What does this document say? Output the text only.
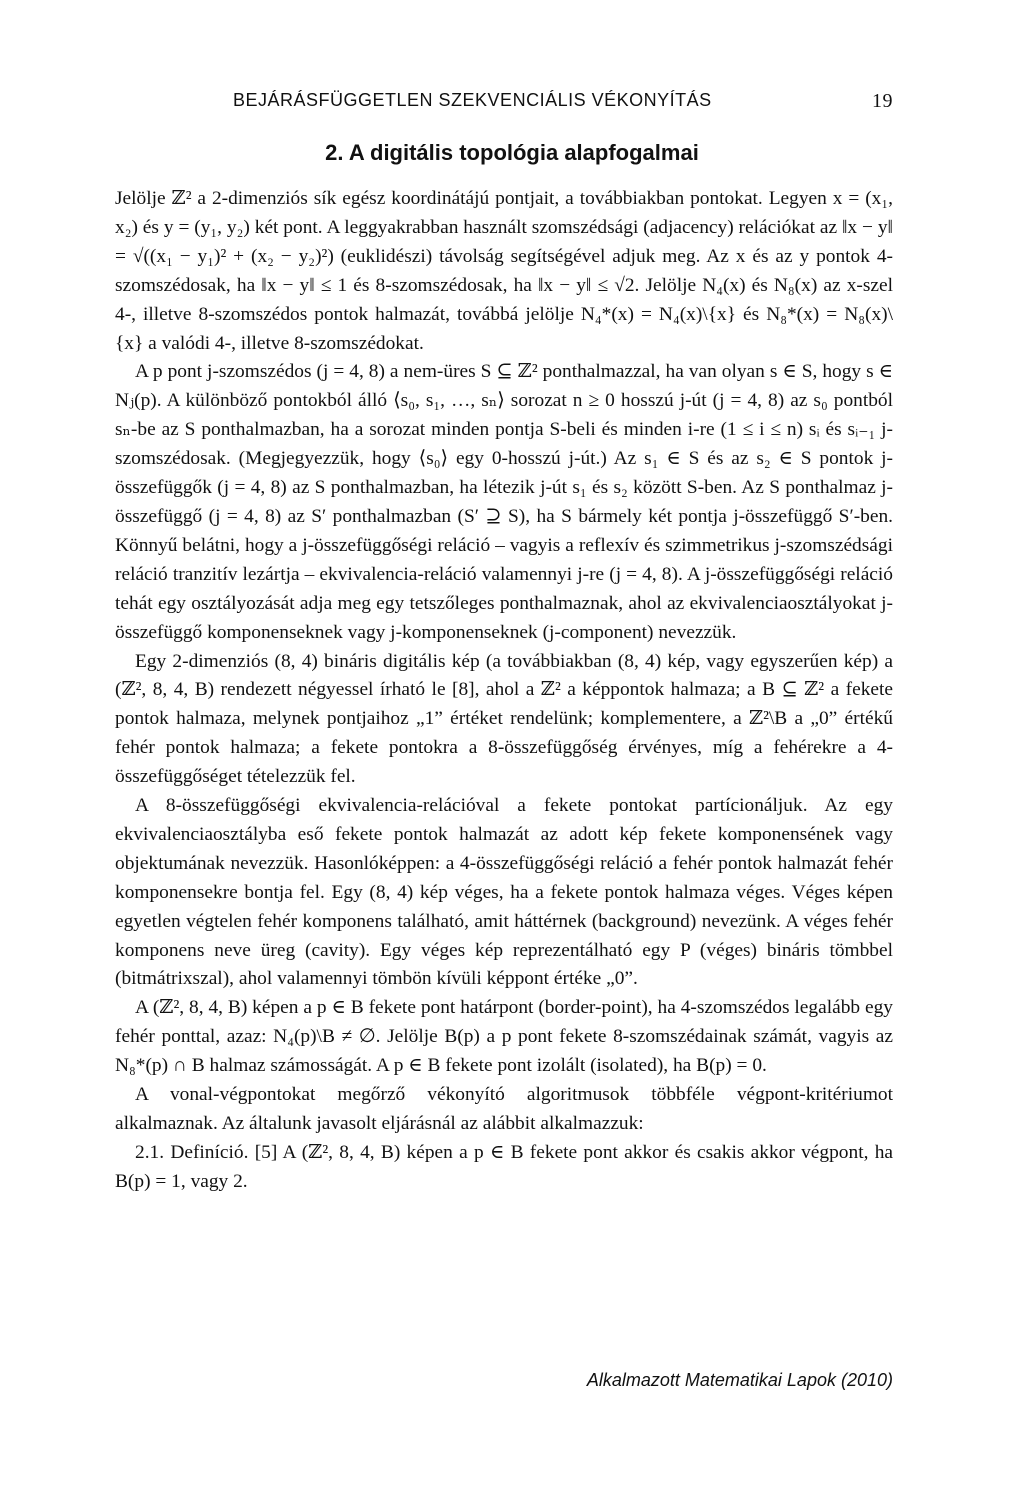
BEJÁRÁSFÜGGETLEN SZEKVENCIÁLIS VÉKONYÍTÁS	19
2. A digitális topológia alapfogalmai

Jelölje ℤ² a 2-dimenziós sík egész koordinátájú pontjait, a továbbiakban pontokat. Legyen x = (x₁, x₂) és y = (y₁, y₂) két pont. A leggyakrabban használt szomszédsági (adjacency) relációkat az ‖x − y‖ = √((x₁ − y₁)² + (x₂ − y₂)²) (euklidészi) távolság segítségével adjuk meg. Az x és az y pontok 4-szomszédosak, ha ‖x − y‖ ≤ 1 és 8-szomszédosak, ha ‖x − y‖ ≤ √2. Jelölje N₄(x) és N₈(x) az x-szel 4-, illetve 8-szomszédos pontok halmazát, továbbá jelölje N₄*(x) = N₄(x)\{x} és N₈*(x) = N₈(x)\{x} a valódi 4-, illetve 8-szomszédokat.

A p pont j-szomszédos (j = 4, 8) a nem-üres S ⊆ ℤ² ponthalmazzal, ha van olyan s ∈ S, hogy s ∈ Nⱼ(p). A különböző pontokból álló ⟨s₀, s₁, …, sₙ⟩ sorozat n ≥ 0 hosszú j-út (j = 4, 8) az s₀ pontból sₙ-be az S ponthalmazban, ha a sorozat minden pontja S-beli és minden i-re (1 ≤ i ≤ n) sᵢ és sᵢ₋₁ j-szomszédosak. (Megjegyezzük, hogy ⟨s₀⟩ egy 0-hosszú j-út.) Az s₁ ∈ S és az s₂ ∈ S pontok j-összefüggők (j = 4, 8) az S ponthalmazban, ha létezik j-út s₁ és s₂ között S-ben. Az S ponthalmaz j-összefüggő (j = 4, 8) az S′ ponthalmazban (S′ ⊇ S), ha S bármely két pontja j-összefüggő S′-ben. Könnyű belátni, hogy a j-összefüggőségi reláció – vagyis a reflexív és szimmetrikus j-szomszédsági reláció tranzitív lezártja – ekvivalencia-reláció valamennyi j-re (j = 4, 8). A j-összefüggőségi reláció tehát egy osztályozását adja meg egy tetszőleges ponthalmaznak, ahol az ekvivalenciaosztályokat j-összefüggő komponenseknek vagy j-komponenseknek (j-component) nevezzük.

Egy 2-dimenziós (8, 4) bináris digitális kép (a továbbiakban (8, 4) kép, vagy egyszerűen kép) a (ℤ², 8, 4, B) rendezett négyessel írható le [8], ahol a ℤ² a képpontok halmaza; a B ⊆ ℤ² a fekete pontok halmaza, melynek pontjaihoz „1” értéket rendelünk; komplementere, a ℤ²\B a „0” értékű fehér pontok halmaza; a fekete pontokra a 8-összefüggőség érvényes, míg a fehérekre a 4-összefüggőséget tételezzük fel.

A 8-összefüggőségi ekvivalencia-relációval a fekete pontokat partícionáljuk. Az egy ekvivalenciaosztályba eső fekete pontok halmazát az adott kép fekete komponensének vagy objektumának nevezzük. Hasonlóképpen: a 4-összefüggőségi reláció a fehér pontok halmazát fehér komponensekre bontja fel. Egy (8, 4) kép véges, ha a fekete pontok halmaza véges. Véges képen egyetlen végtelen fehér komponens található, amit háttérnek (background) nevezünk. A véges fehér komponens neve üreg (cavity). Egy véges kép reprezentálható egy P (véges) bináris tömbbel (bitmátrixszal), ahol valamennyi tömbön kívüli képpont értéke „0”.

A (ℤ², 8, 4, B) képen a p ∈ B fekete pont határpont (border-point), ha 4-szomszédos legalább egy fehér ponttal, azaz: N₄(p)\B ≠ ∅. Jelölje B(p) a p pont fekete 8-szomszédainak számát, vagyis az N₈*(p) ∩ B halmaz számosságát. A p ∈ B fekete pont izolált (isolated), ha B(p) = 0.

A vonal-végpontokat megőrző vékonyító algoritmusok többféle végpont-kritériumot alkalmaznak. Az általunk javasolt eljárásnál az alábbit alkalmazzuk:

2.1. Definíció. [5] A (ℤ², 8, 4, B) képen a p ∈ B fekete pont akkor és csakis akkor végpont, ha B(p) = 1, vagy 2.

Alkalmazott Matematikai Lapok (2010)
